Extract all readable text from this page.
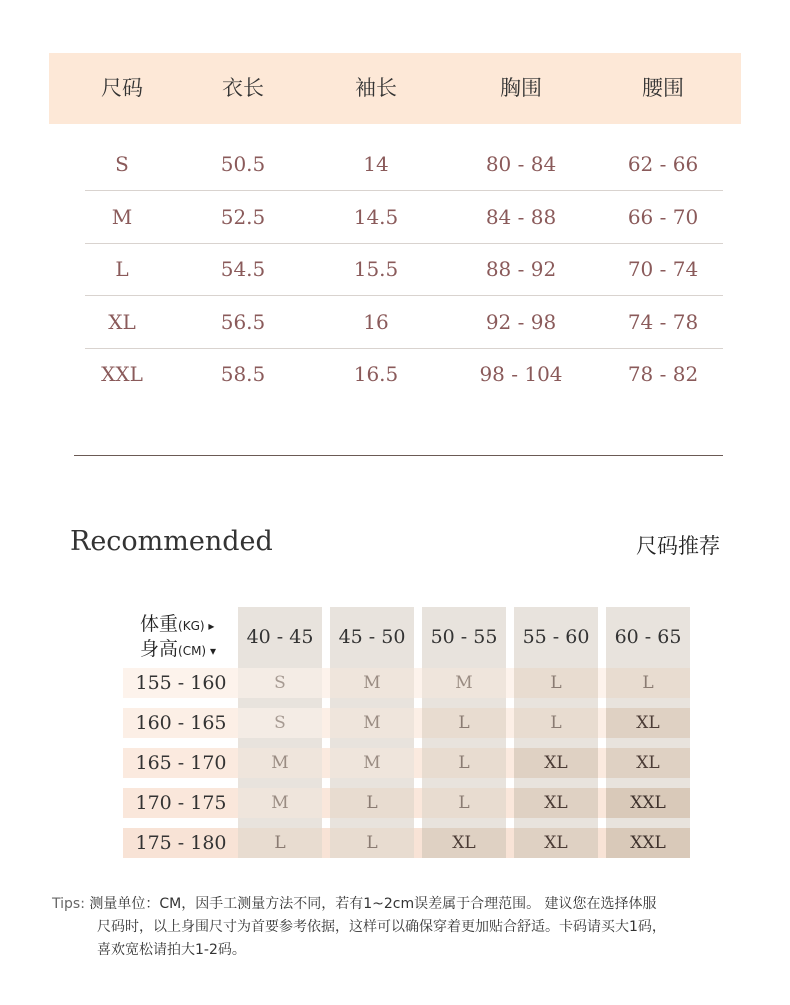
尺码	衣长	袖长	胸围	腰围
S	50.5	14	80 - 84	62 - 66
M	52.5	14.5	84 - 88	66 - 70
L	54.5	15.5	88 - 92	70 - 74
XL	56.5	16	92 - 98	74 - 78
XXL	58.5	16.5	98 - 104	78 - 82
Recommended	尺码推荐
体重(KG) ▸
身高(CM) ▾
40 - 45	45 - 50	50 - 55	55 - 60	60 - 65
155 - 160	S	M	M	L	L
160 - 165	S	M	L	L	XL
165 - 170	M	M	L	XL	XL
170 - 175	M	L	L	XL	XXL
175 - 180	L	L	XL	XL	XXL
Tips: 测量单位：CM，因手工测量方法不同，若有1~2cm误差属于合理范围。 建议您在选择体服
尺码时，以上身围尺寸为首要参考依据，这样可以确保穿着更加贴合舒适。卡码请买大1码，
喜欢宽松请拍大1-2码。
